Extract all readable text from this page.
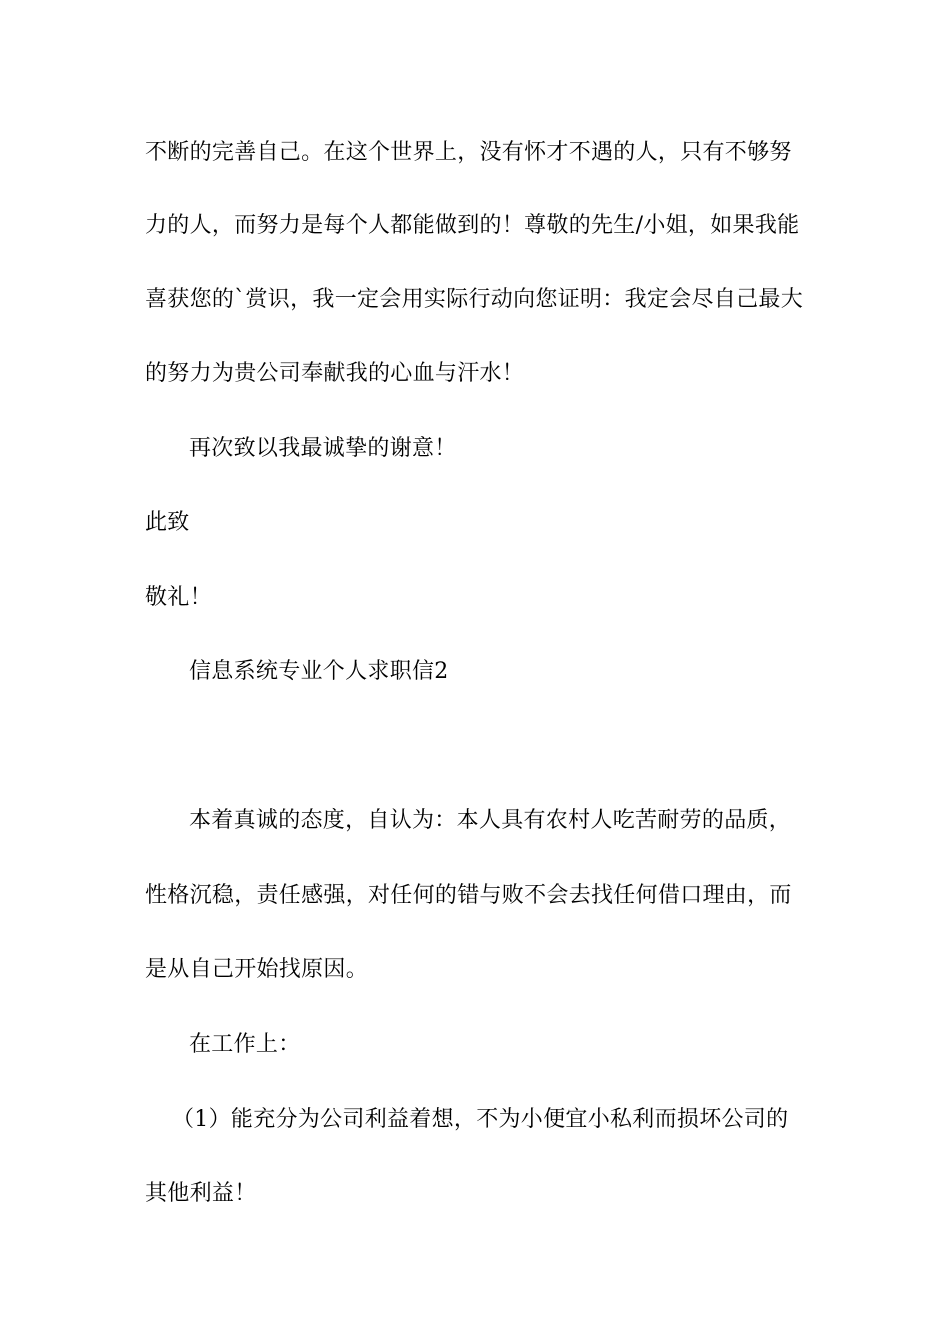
不断的完善自己。在这个世界上，没有怀才不遇的人，只有不够努
力的人，而努力是每个人都能做到的！尊敬的先生/小姐，如果我能
喜获您的`赏识，我一定会用实际行动向您证明：我定会尽自己最大
的努力为贵公司奉献我的心血与汗水！
再次致以我最诚挚的谢意！
此致
敬礼！
信息系统专业个人求职信2
本着真诚的态度，自认为：本人具有农村人吃苦耐劳的品质，
性格沉稳，责任感强，对任何的错与败不会去找任何借口理由，而
是从自己开始找原因。
在工作上：
（1）能充分为公司利益着想，不为小便宜小私利而损坏公司的
其他利益！
